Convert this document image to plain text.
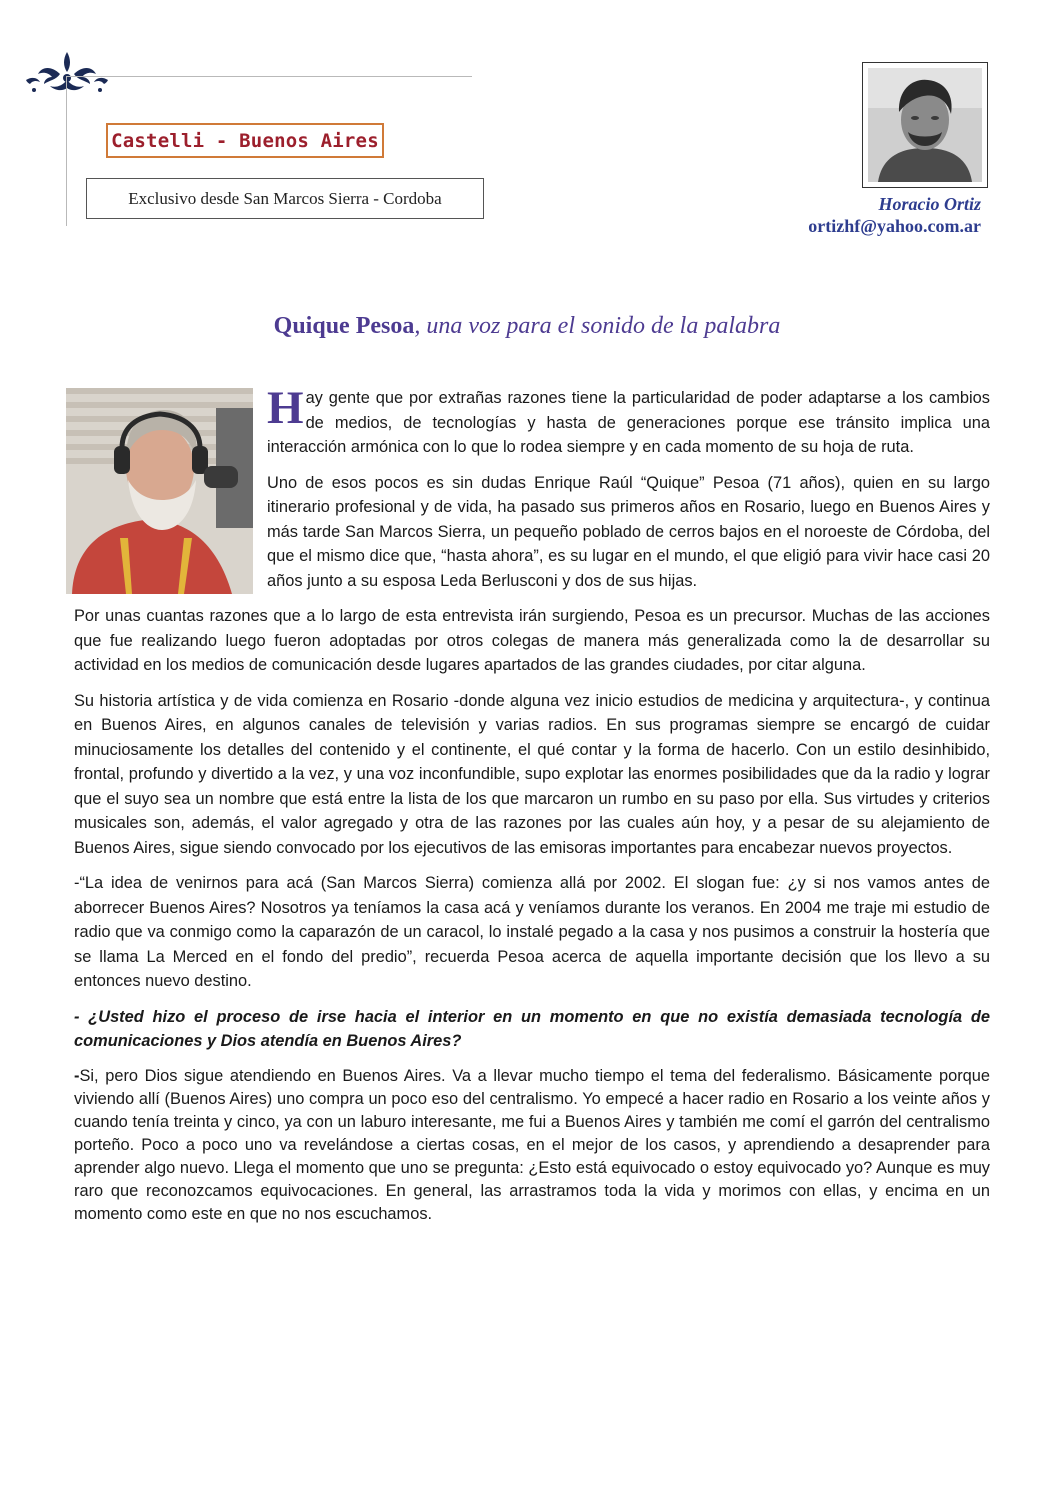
Castelli - Buenos Aires
Exclusivo desde San Marcos Sierra - Cordoba	Horacio Ortiz
ortizhf@yahoo.com.ar
Quique Pesoa, una voz para el sonido de la palabra

Hay gente que por extrañas razones tiene la particularidad de poder adaptarse a los cambios de medios, de tecnologías y hasta de generaciones porque ese tránsito implica una interacción armónica con lo que lo rodea siempre y en cada momento de su hoja de ruta.

Uno de esos pocos es sin dudas Enrique Raúl “Quique” Pesoa (71 años), quien en su largo itinerario profesional y de vida, ha pasado sus primeros años en Rosario, luego en Buenos Aires y más tarde San Marcos Sierra, un pequeño poblado de cerros bajos en el noroeste de Córdoba, del que el mismo dice que, “hasta ahora”, es su lugar en el mundo, el que eligió para vivir hace casi 20 años junto a su esposa Leda Berlusconi y dos de sus hijas.

Por unas cuantas razones que a lo largo de esta entrevista irán surgiendo, Pesoa es un precursor. Muchas de las acciones que fue realizando luego fueron adoptadas por otros colegas de manera más generalizada como la de desarrollar su actividad en los medios de comunicación desde lugares apartados de las grandes ciudades, por citar alguna.

Su historia artística y de vida comienza en Rosario -donde alguna vez inicio estudios de medicina y arquitectura-, y continua en Buenos Aires, en algunos canales de televisión y varias radios. En sus programas siempre se encargó de cuidar minuciosamente los detalles del contenido y el continente, el qué contar y la forma de hacerlo. Con un estilo desinhibido, frontal, profundo y divertido a la vez, y una voz inconfundible, supo explotar las enormes posibilidades que da la radio y lograr que el suyo sea un nombre que está entre la lista de los que marcaron un rumbo en su paso por ella. Sus virtudes y criterios musicales son, además, el valor agregado y otra de las razones por las cuales aún hoy, y a pesar de su alejamiento de Buenos Aires, sigue siendo convocado por los ejecutivos de las emisoras importantes para encabezar nuevos proyectos.

-“La idea de venirnos para acá (San Marcos Sierra) comienza allá por 2002. El slogan fue: ¿y si nos vamos antes de aborrecer Buenos Aires? Nosotros ya teníamos la casa acá y veníamos durante los veranos. En 2004 me traje mi estudio de radio que va conmigo como la caparazón de un caracol, lo instalé pegado a la casa y nos pusimos a construir la hostería que se llama La Merced en el fondo del predio”, recuerda Pesoa acerca de aquella importante decisión que los llevo a su entonces nuevo destino.

- ¿Usted hizo el proceso de irse hacia el interior en un momento en que no existía demasiada tecnología de comunicaciones y Dios atendía en Buenos Aires?

-Si, pero Dios sigue atendiendo en Buenos Aires. Va a llevar mucho tiempo el tema del federalismo. Básicamente porque viviendo allí (Buenos Aires) uno compra un poco eso del centralismo. Yo empecé a hacer radio en Rosario a los veinte años y cuando tenía treinta y cinco, ya con un laburo interesante, me fui a Buenos Aires y también me comí el garrón del centralismo porteño. Poco a poco uno va revelándose a ciertas cosas, en el mejor de los casos, y aprendiendo a desaprender para aprender algo nuevo. Llega el momento que uno se pregunta: ¿Esto está equivocado o estoy equivocado yo? Aunque es muy raro que reconozcamos equivocaciones. En general, las arrastramos toda la vida y morimos con ellas, y encima en un momento como este en que no nos escuchamos.
